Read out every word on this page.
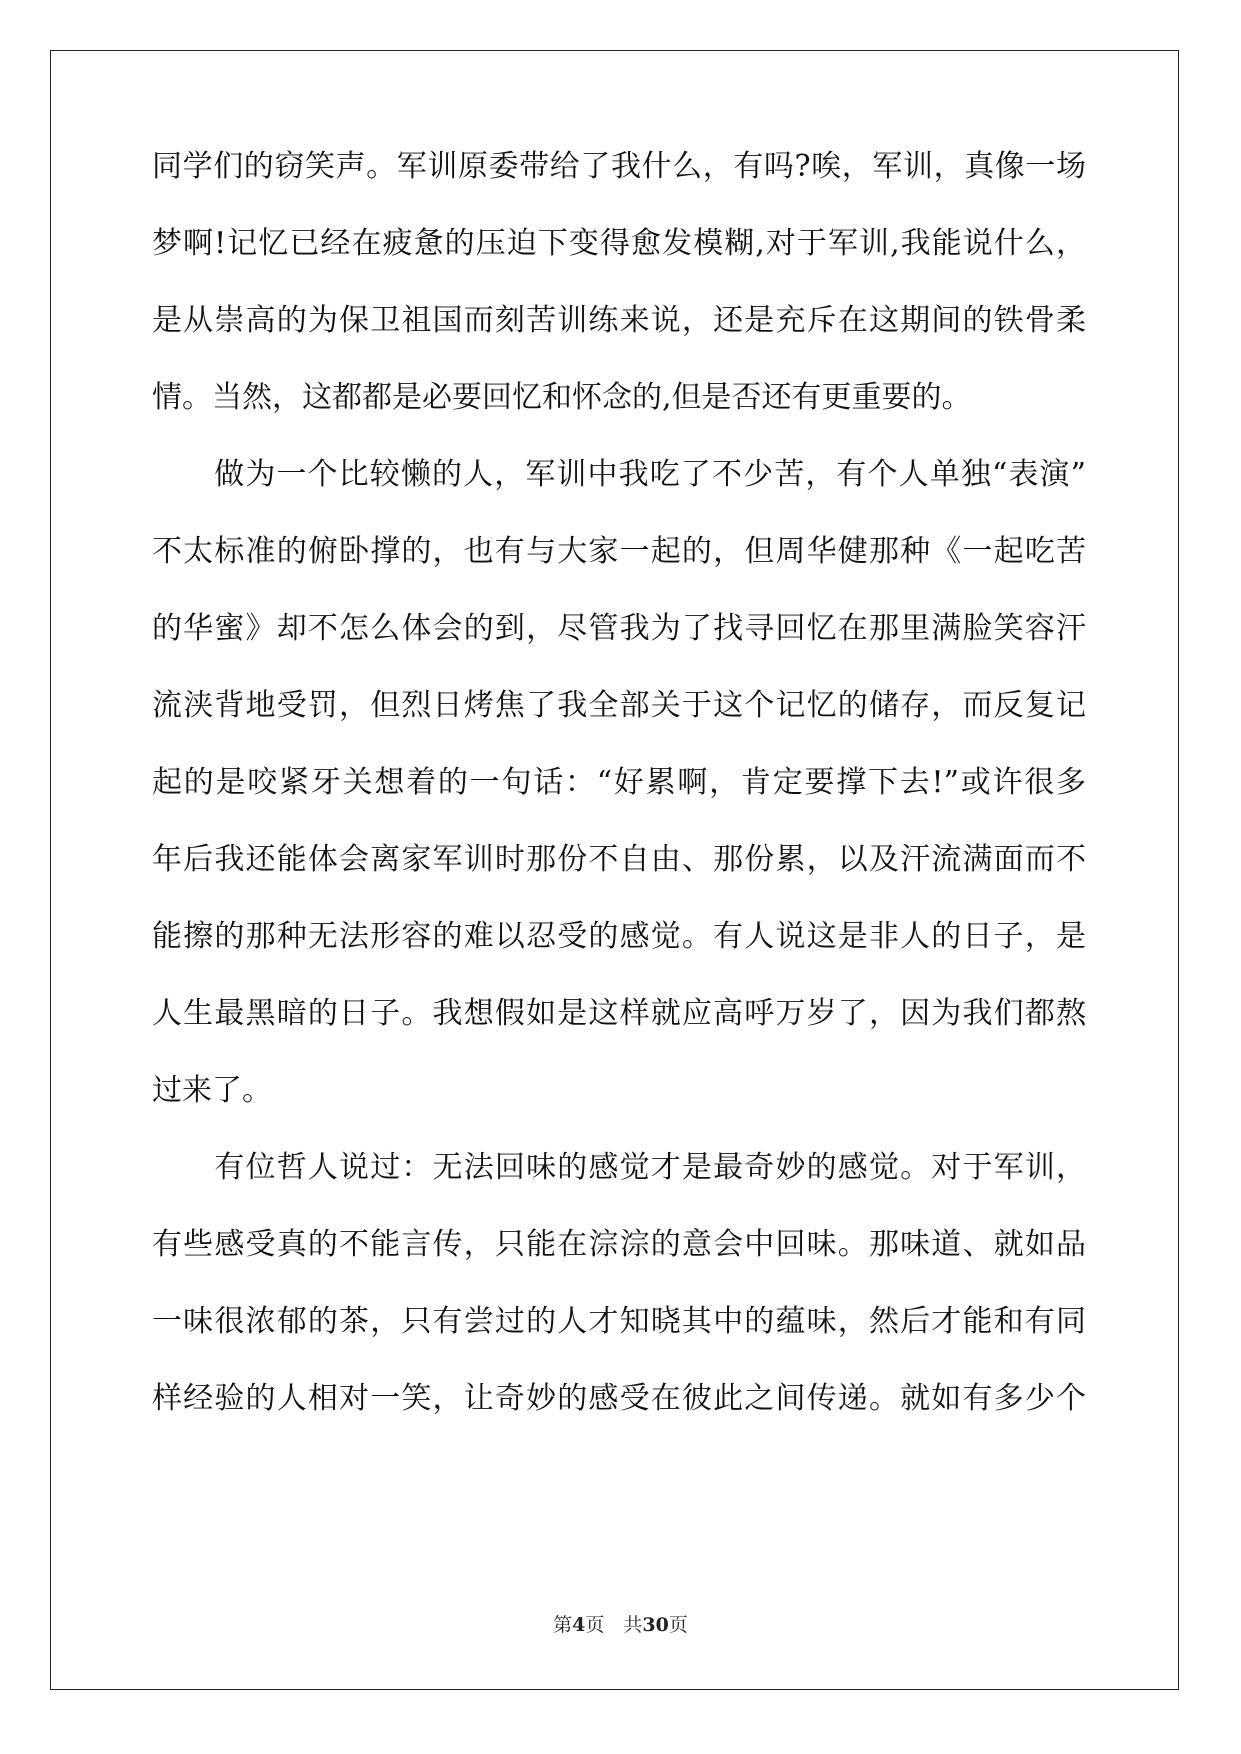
同学们的窃笑声。军训原委带给了我什么，有吗?唉，军训，真像一场
梦啊!记忆已经在疲惫的压迫下变得愈发模糊,对于军训,我能说什么，
是从崇高的为保卫祖国而刻苦训练来说，还是充斥在这期间的铁骨柔
情。当然，这都都是必要回忆和怀念的,但是否还有更重要的。
　　做为一个比较懒的人，军训中我吃了不少苦，有个人单独“表演”
不太标准的俯卧撑的，也有与大家一起的，但周华健那种《一起吃苦
的华蜜》却不怎么体会的到，尽管我为了找寻回忆在那里满脸笑容汗
流浃背地受罚，但烈日烤焦了我全部关于这个记忆的储存，而反复记
起的是咬紧牙关想着的一句话：“好累啊，肯定要撑下去!”或许很多
年后我还能体会离家军训时那份不自由、那份累，以及汗流满面而不
能擦的那种无法形容的难以忍受的感觉。有人说这是非人的日子，是
人生最黑暗的日子。我想假如是这样就应高呼万岁了，因为我们都熬
过来了。
　　有位哲人说过：无法回味的感觉才是最奇妙的感觉。对于军训，
有些感受真的不能言传，只能在淙淙的意会中回味。那味道、就如品
一味很浓郁的茶，只有尝过的人才知晓其中的蕴味，然后才能和有同
样经验的人相对一笑，让奇妙的感受在彼此之间传递。就如有多少个
第4页　共30页
